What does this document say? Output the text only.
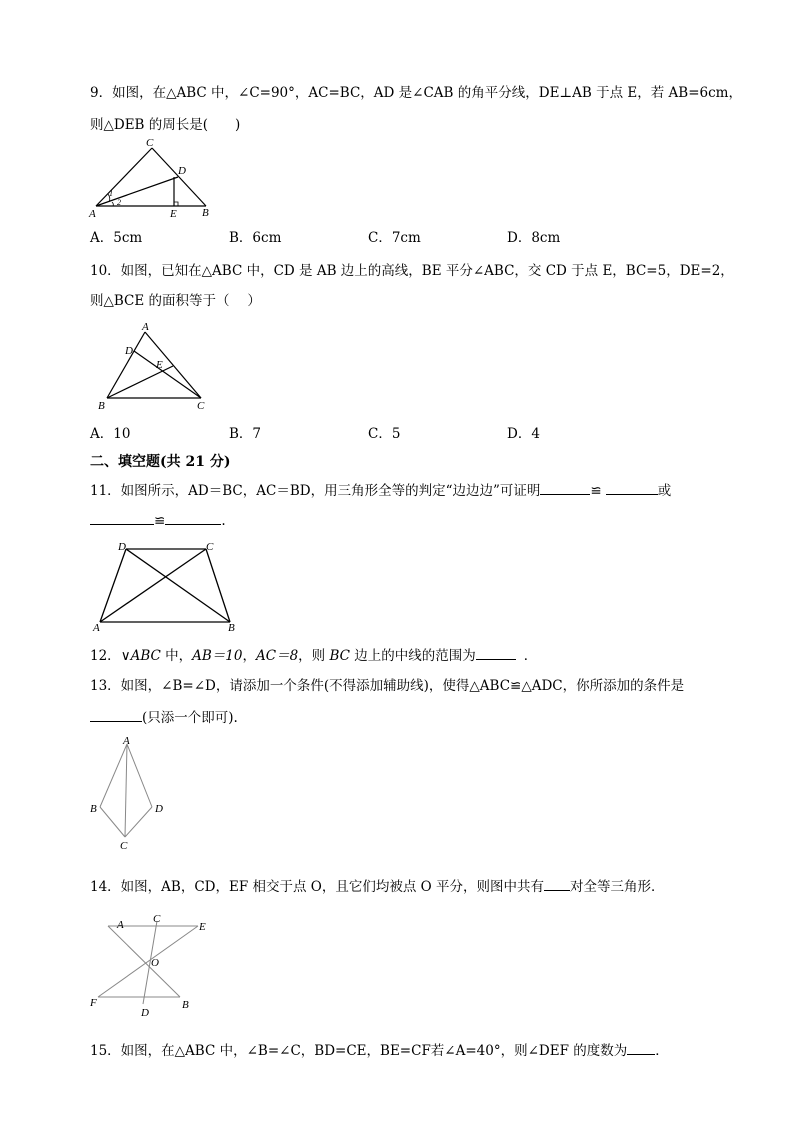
9．如图，在△ABC 中，∠C=90°，AC=BC，AD 是∠CAB 的角平分线，DE⊥AB 于点 E，若 AB=6cm，
则△DEB 的周长是(　　)
C
D
A	E B
1
2
A．5cm	B．6cm	C．7cm	D．8cm
10．如图，已知在△ABC 中，CD 是 AB 边上的高线，BE 平分∠ABC，交 CD 于点 E，BC=5，DE=2，
则△BCE 的面积等于（　 ）
A
D
E
B	C
A．10	B．7	C．5	D．4
二、填空题(共 21 分)
11．如图所示，AD＝BC，AC＝BD，用三角形全等的判定“边边边”可证明	≌	或
≌	.
D	C
A	B
12．∨ABC 中，AB＝10，AC＝8，则 BC 边上的中线的范围为	．
13．如图，∠B=∠D，请添加一个条件(不得添加辅助线)，使得△ABC≌△ADC，你所添加的条件是
(只添一个即可).
A
B	D
C
14．如图，AB，CD，EF 相交于点 O，且它们均被点 O 平分，则图中共有 对全等三角形．
A	C
E
O
F	B
D
15．如图，在△ABC 中，∠B=∠C，BD=CE，BE=CF若∠A=40°，则∠DEF 的度数为 ．
